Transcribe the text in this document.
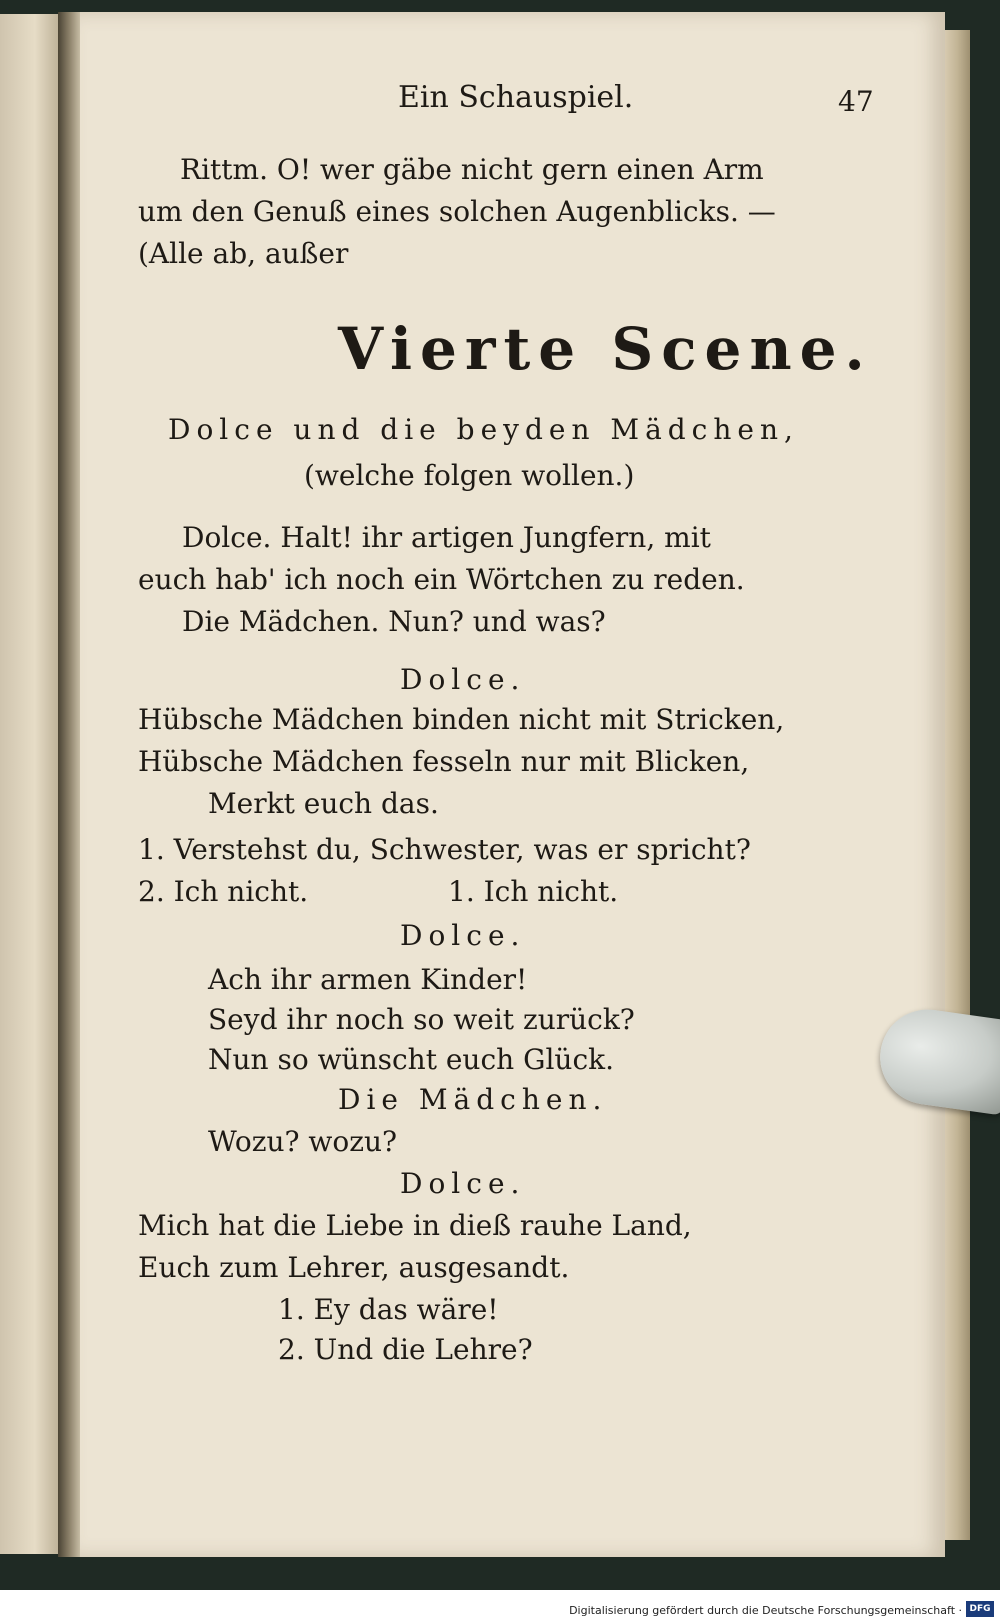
Ein Schauspiel.	47
Rittm. O! wer gäbe nicht gern einen Arm
um den Genuß eines solchen Augenblicks. —
(Alle ab, außer
Vierte Scene.
Dolce und die beyden Mädchen,
(welche folgen wollen.)
Dolce. Halt! ihr artigen Jungfern, mit
euch hab' ich noch ein Wörtchen zu reden.
Die Mädchen. Nun? und was?
Dolce.
Hübsche Mädchen binden nicht mit Stricken,
Hübsche Mädchen fesseln nur mit Blicken,
Merkt euch das.
1. Verstehst du, Schwester, was er spricht?
2. Ich nicht.	1. Ich nicht.
Dolce.
Ach ihr armen Kinder!
Seyd ihr noch so weit zurück?
Nun so wünscht euch Glück.
Die Mädchen.
Wozu? wozu?
Dolce.
Mich hat die Liebe in dieß rauhe Land,
Euch zum Lehrer, ausgesandt.
1. Ey das wäre!
2. Und die Lehre?
Digitalisierung gefördert durch die Deutsche Forschungsgemeinschaft · DFG
